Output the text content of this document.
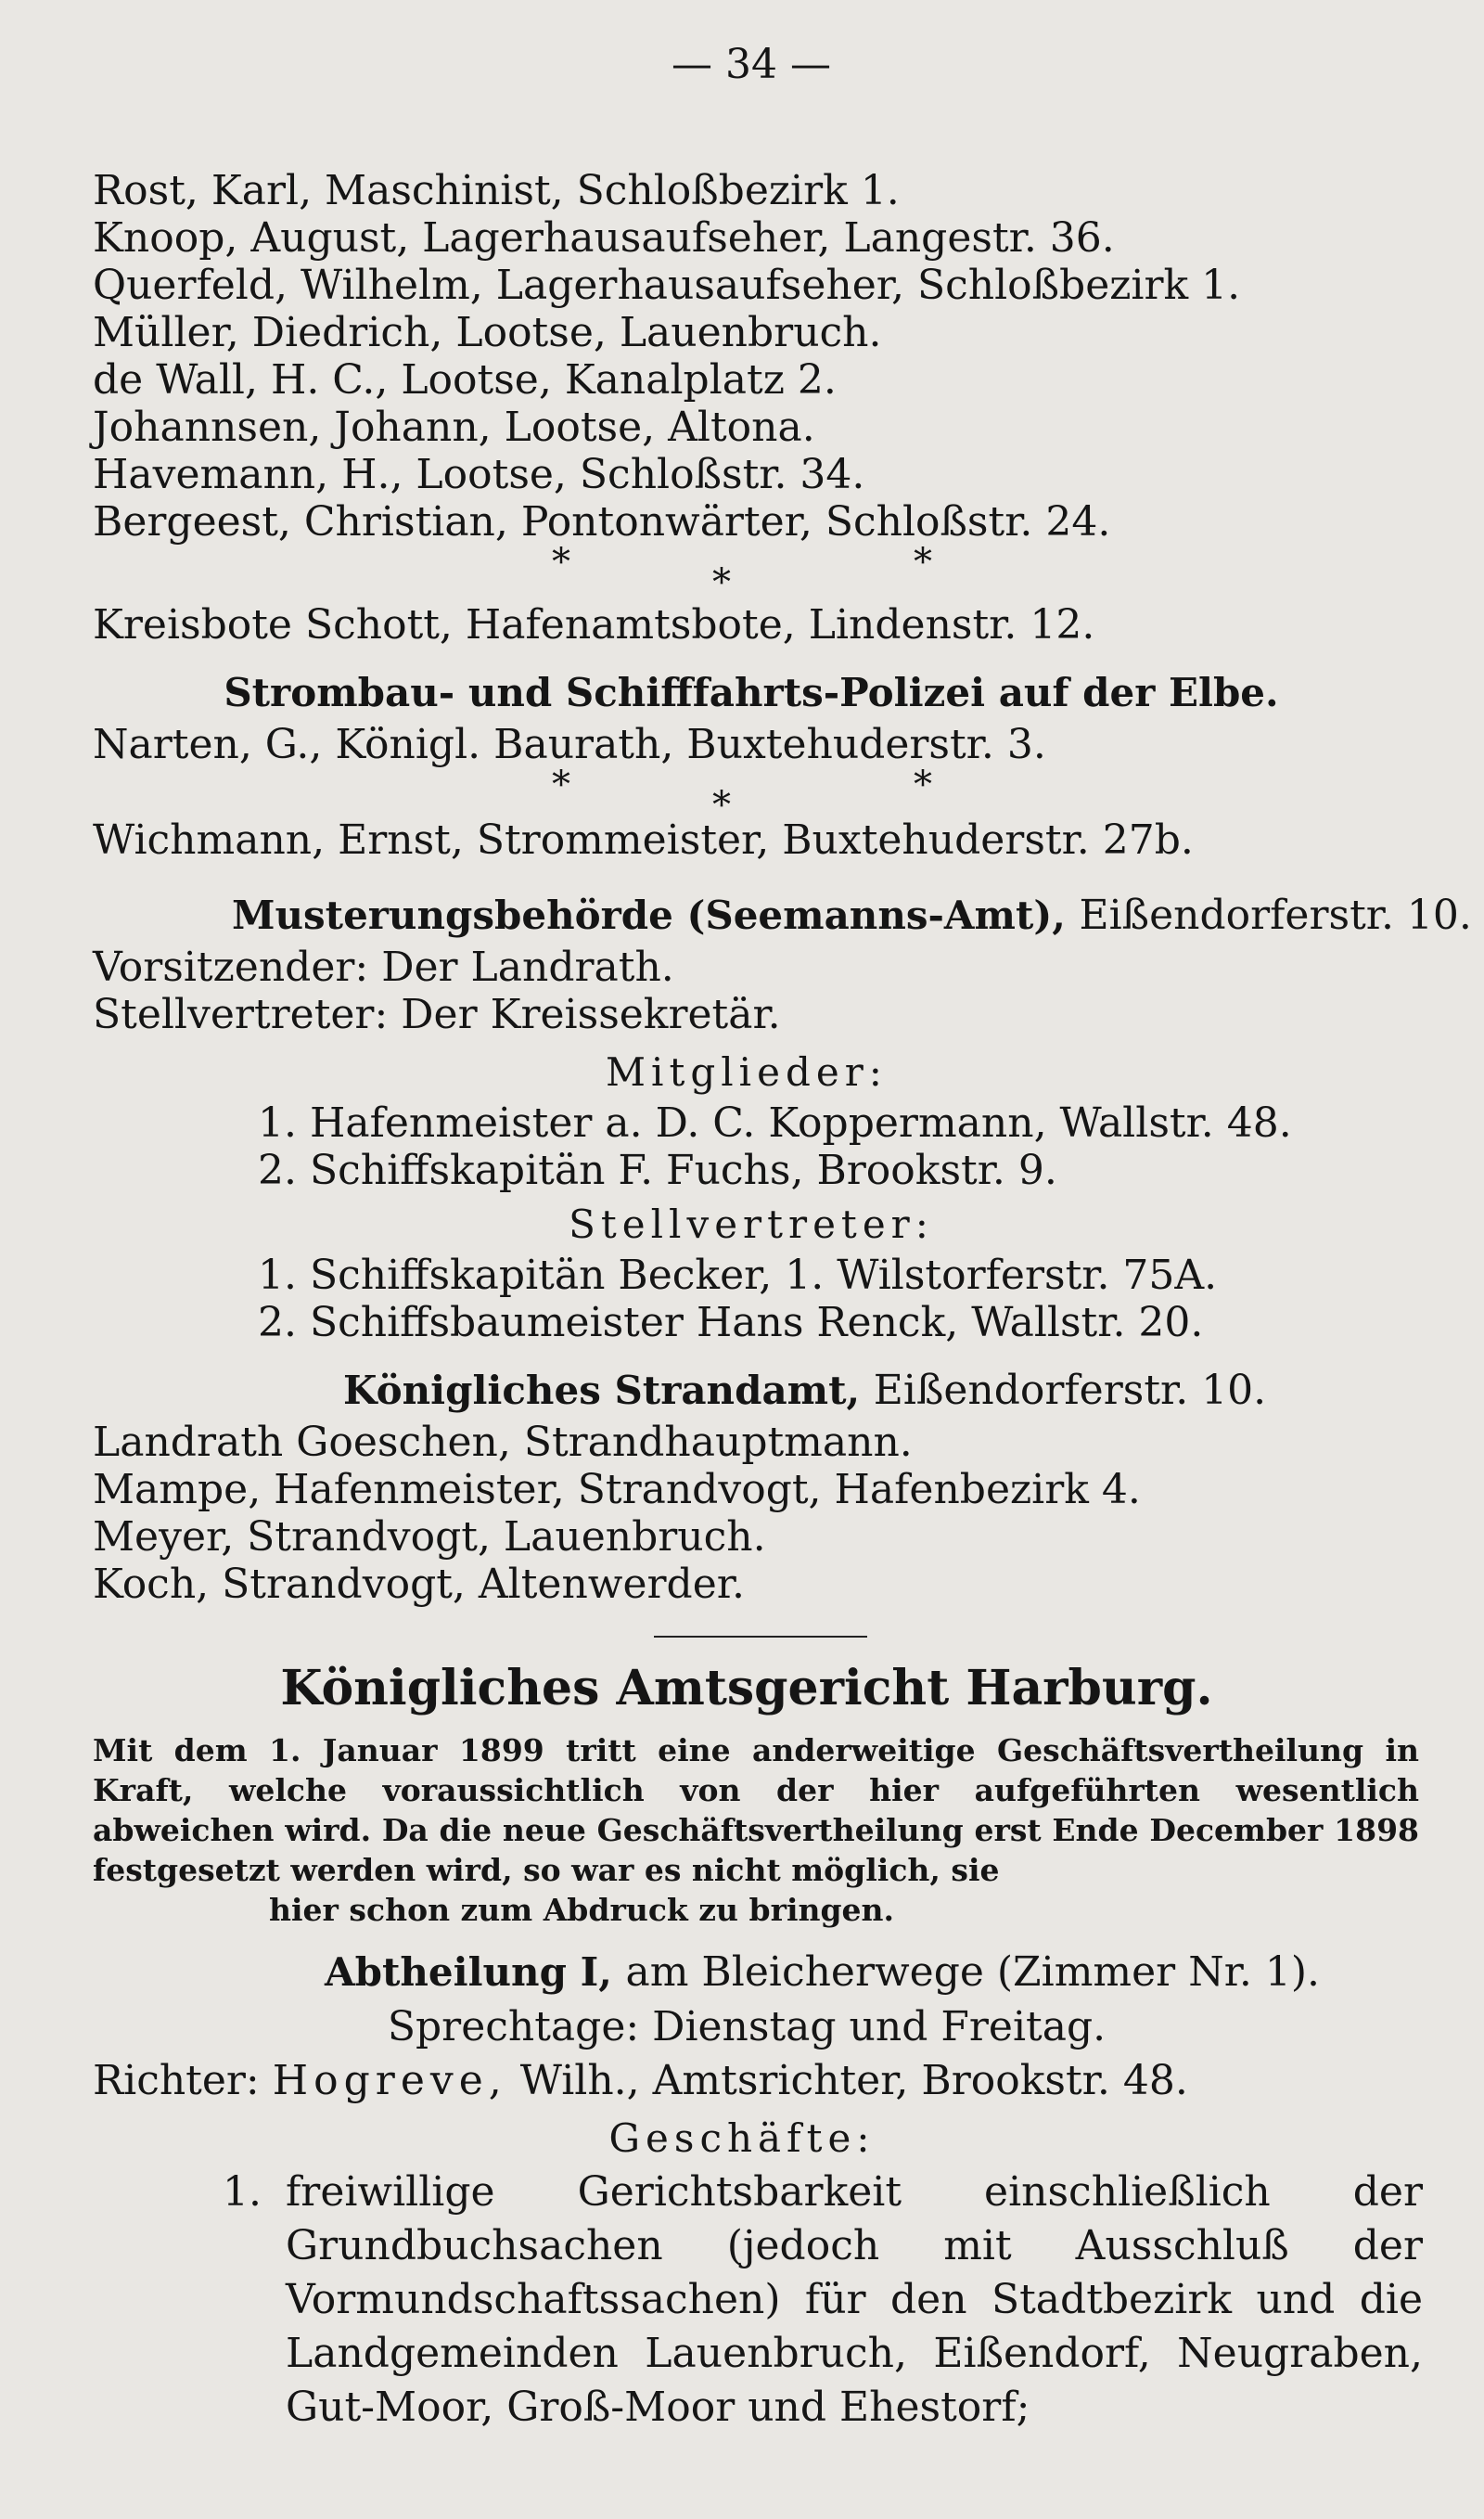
— 34 —
Rost, Karl, Maschinist, Schloßbezirk 1.
Knoop, August, Lagerhausaufseher, Langestr. 36.
Querfeld, Wilhelm, Lagerhausaufseher, Schloßbezirk 1.
Müller, Diedrich, Lootse, Lauenbruch.
de Wall, H. C., Lootse, Kanalplatz 2.
Johannsen, Johann, Lootse, Altona.
Havemann, H., Lootse, Schloßstr. 34.
Bergeest, Christian, Pontonwärter, Schloßstr. 24.
*	*	*
Kreisbote Schott, Hafenamtsbote, Lindenstr. 12.
Strombau- und Schifffahrts-Polizei auf der Elbe.
Narten, G., Königl. Baurath, Buxtehuderstr. 3.
*	*	*
Wichmann, Ernst, Strommeister, Buxtehuderstr. 27b.
Musterungsbehörde (Seemanns-Amt), Eißendorferstr. 10.
Vorsitzender: Der Landrath.
Stellvertreter: Der Kreissekretär.
Mitglieder:
1. Hafenmeister a. D. C. Koppermann, Wallstr. 48.
2. Schiffskapitän F. Fuchs, Brookstr. 9.
Stellvertreter:
1. Schiffskapitän Becker, 1. Wilstorferstr. 75A.
2. Schiffsbaumeister Hans Renck, Wallstr. 20.
Königliches Strandamt, Eißendorferstr. 10.
Landrath Goeschen, Strandhauptmann.
Mampe, Hafenmeister, Strandvogt, Hafenbezirk 4.
Meyer, Strandvogt, Lauenbruch.
Koch, Strandvogt, Altenwerder.
Königliches Amtsgericht Harburg.
Mit dem 1. Januar 1899 tritt eine anderweitige Geschäftsvertheilung in Kraft, welche voraussichtlich von der hier aufgeführten wesentlich abweichen wird. Da die neue Geschäftsvertheilung erst Ende December 1898 festgesetzt werden wird, so war es nicht möglich, sie
hier schon zum Abdruck zu bringen.
Abtheilung I, am Bleicherwege (Zimmer Nr. 1).
Sprechtage: Dienstag und Freitag.
Richter: Hogreve, Wilh., Amtsrichter, Brookstr. 48.
Geschäfte:
1. freiwillige Gerichtsbarkeit einschließlich der Grundbuchsachen (jedoch mit Ausschluß der Vormundschaftssachen) für den Stadtbezirk und die Landgemeinden Lauenbruch, Eißendorf, Neugraben, Gut-Moor, Groß-Moor und Ehestorf;
